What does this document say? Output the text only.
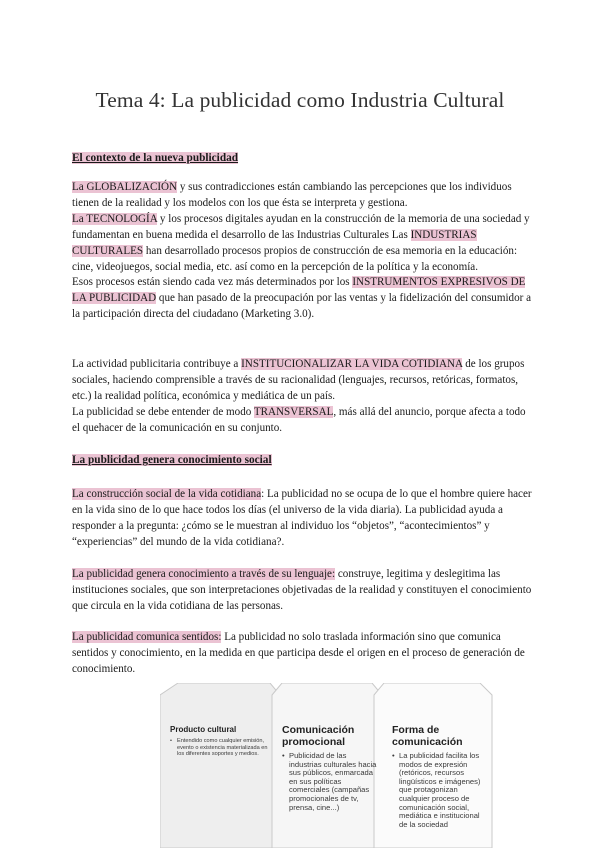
Tema 4: La publicidad como Industria Cultural
El contexto de la nueva publicidad

La GLOBALIZACIÓN y sus contradicciones están cambiando las percepciones que los individuos tienen de la realidad y los modelos con los que ésta se interpreta y gestiona.
La TECNOLOGÍA y los procesos digitales ayudan en la construcción de la memoria de una sociedad y fundamentan en buena medida el desarrollo de las Industrias Culturales Las INDUSTRIAS CULTURALES han desarrollado procesos propios de construcción de esa memoria en la educación: cine, videojuegos, social media, etc. así como en la percepción de la política y la economía.
Esos procesos están siendo cada vez más determinados por los INSTRUMENTOS EXPRESIVOS DE LA PUBLICIDAD que han pasado de la preocupación por las ventas y la fidelización del consumidor a la participación directa del ciudadano (Marketing 3.0).

La actividad publicitaria contribuye a INSTITUCIONALIZAR LA VIDA COTIDIANA de los grupos sociales, haciendo comprensible a través de su racionalidad (lenguajes, recursos, retóricas, formatos, etc.) la realidad política, económica y mediática de un país.
La publicidad se debe entender de modo TRANSVERSAL, más allá del anuncio, porque afecta a todo el quehacer de la comunicación en su conjunto.

La publicidad genera conocimiento social

La construcción social de la vida cotidiana: La publicidad no se ocupa de lo que el hombre quiere hacer en la vida sino de lo que hace todos los días (el universo de la vida diaria). La publicidad ayuda a responder a la pregunta: ¿cómo se le muestran al individuo los “objetos”, “acontecimientos” y “experiencias” del mundo de la vida cotidiana?.

La publicidad genera conocimiento a través de su lenguaje: construye, legitima y deslegitima las instituciones sociales, que son interpretaciones objetivadas de la realidad y constituyen el conocimiento que circula en la vida cotidiana de las personas.

La publicidad comunica sentidos: La publicidad no solo traslada información sino que comunica sentidos y conocimiento, en la medida en que participa desde el origen en el proceso de generación de conocimiento.

Producto cultural
• Entendido como cualquier emisión, evento o existencia materializada en los diferentes soportes y medios.
Comunicación promocional
• Publicidad de las industrias culturales hacia sus públicos, enmarcada en sus políticas comerciales (campañas promocionales de tv, prensa, cine...)
Forma de comunicación
• La publicidad facilita los modos de expresión (retóricos, recursos lingüísticos e imágenes) que protagonizan cualquier proceso de comunicación social, mediática e institucional de la sociedad
